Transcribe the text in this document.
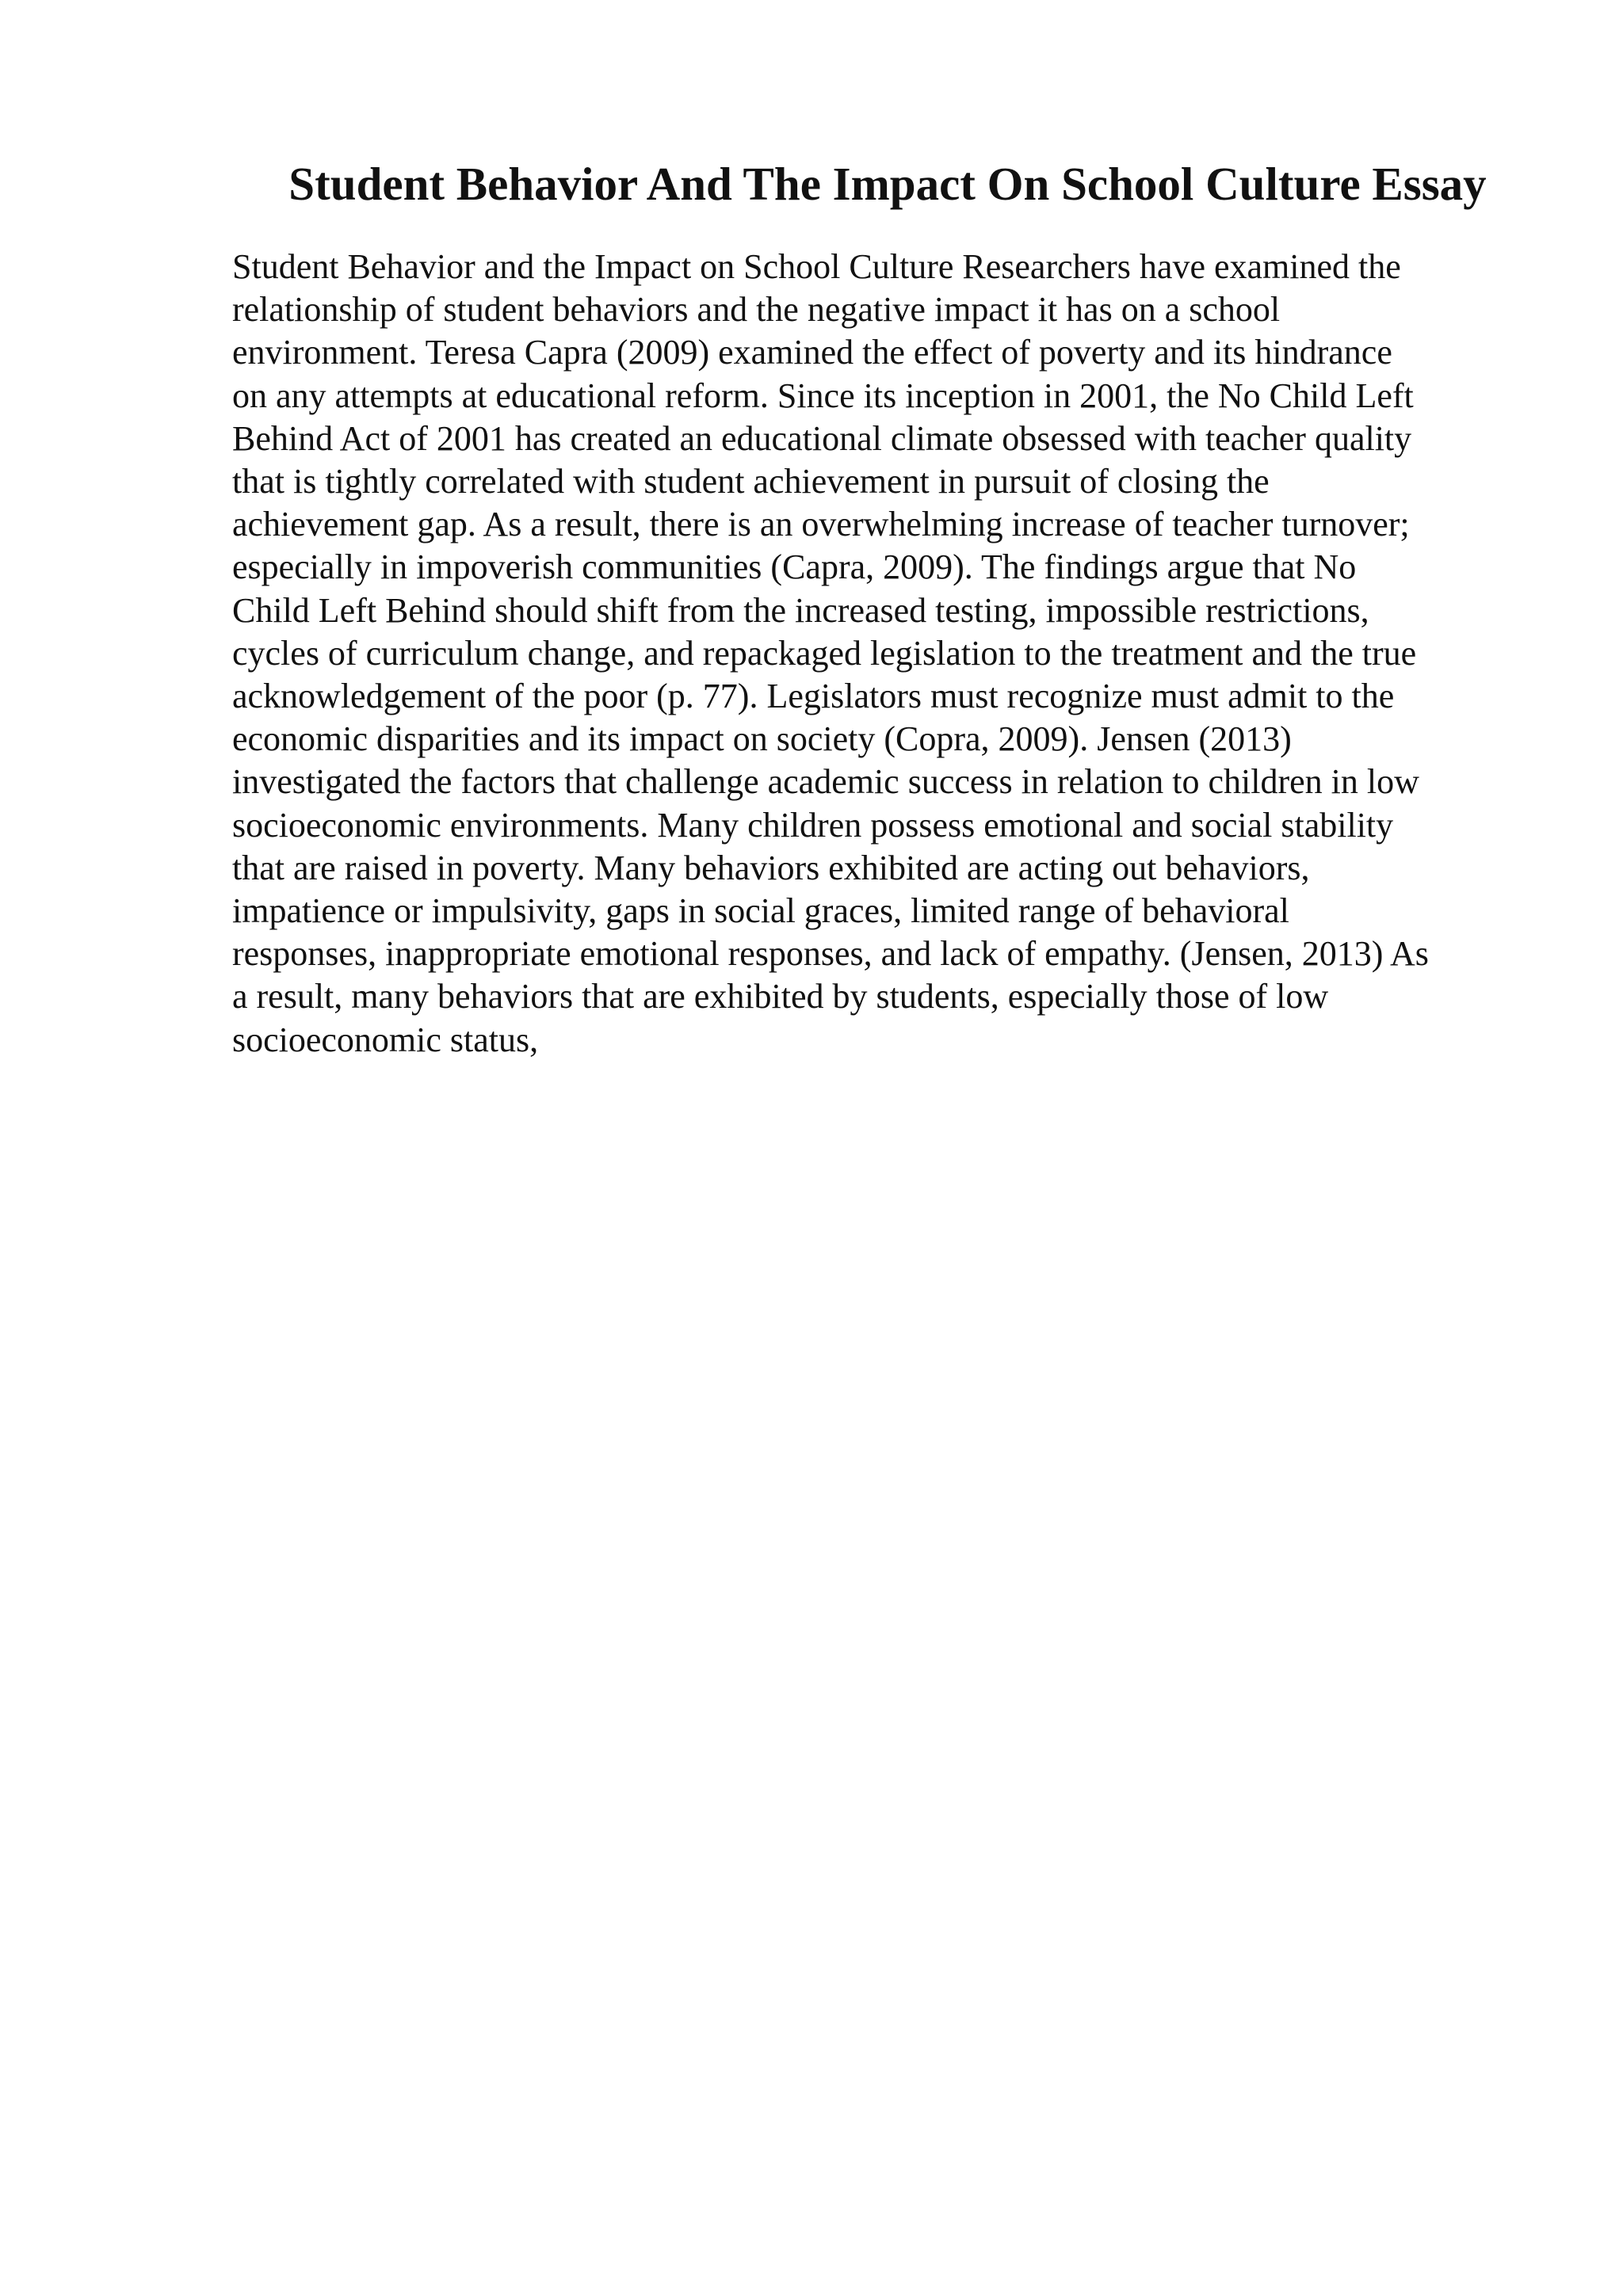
Student Behavior And The Impact On School Culture Essay
Student Behavior and the Impact on School Culture Researchers have examined the
relationship of student behaviors and the negative impact it has on a school
environment. Teresa Capra (2009) examined the effect of poverty and its hindrance
on any attempts at educational reform. Since its inception in 2001, the No Child Left
Behind Act of 2001 has created an educational climate obsessed with teacher quality
that is tightly correlated with student achievement in pursuit of closing the
achievement gap. As a result, there is an overwhelming increase of teacher turnover;
especially in impoverish communities (Capra, 2009). The findings argue that No
Child Left Behind should shift from the increased testing, impossible restrictions,
cycles of curriculum change, and repackaged legislation to the treatment and the true
acknowledgement of the poor (p. 77). Legislators must recognize must admit to the
economic disparities and its impact on society (Copra, 2009). Jensen (2013)
investigated the factors that challenge academic success in relation to children in low
socioeconomic environments. Many children possess emotional and social stability
that are raised in poverty. Many behaviors exhibited are acting out behaviors,
impatience or impulsivity, gaps in social graces, limited range of behavioral
responses, inappropriate emotional responses, and lack of empathy. (Jensen, 2013) As
a result, many behaviors that are exhibited by students, especially those of low
socioeconomic status,
